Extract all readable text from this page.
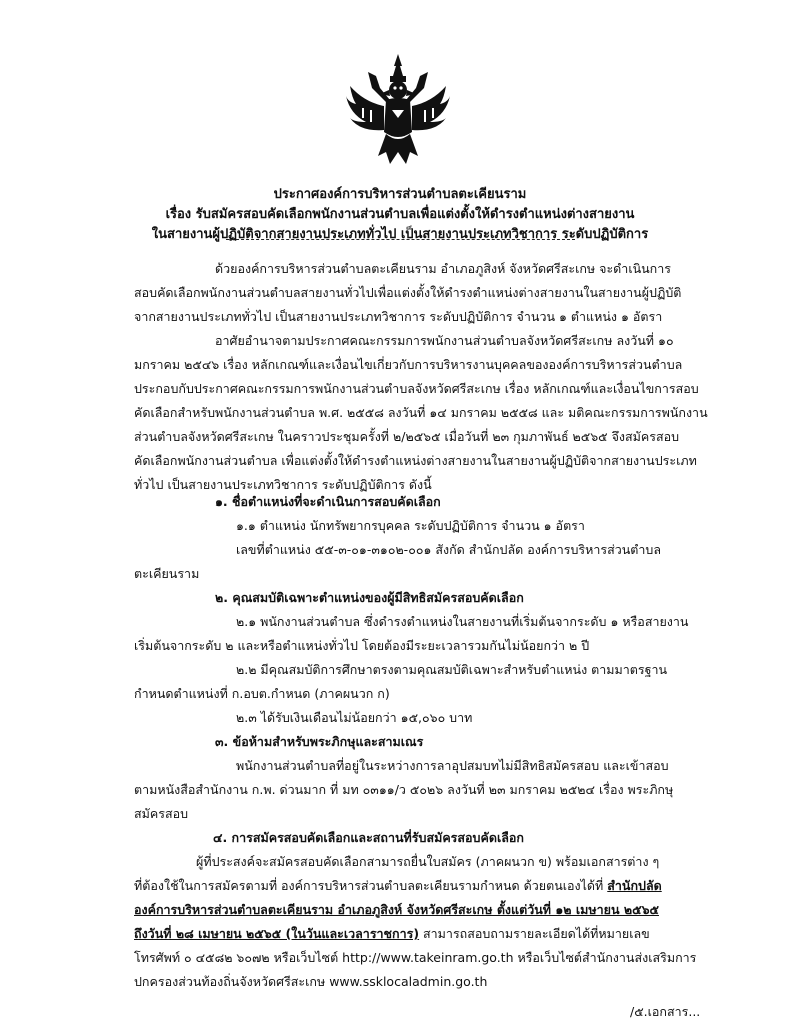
ประกาศองค์การบริหารส่วนตำบลตะเคียนราม
เรื่อง รับสมัครสอบคัดเลือกพนักงานส่วนตำบลเพื่อแต่งตั้งให้ดำรงตำแหน่งต่างสายงาน
ในสายงานผู้ปฏิบัติจากสายงานประเภททั่วไป เป็นสายงานประเภทวิชาการ ระดับปฏิบัติการ
ด้วยองค์การบริหารส่วนตำบลตะเคียนราม อำเภอภูสิงห์ จังหวัดศรีสะเกษ จะดำเนินการ
สอบคัดเลือกพนักงานส่วนตำบลสายงานทั่วไปเพื่อแต่งตั้งให้ดำรงตำแหน่งต่างสายงานในสายงานผู้ปฏิบัติ
จากสายงานประเภททั่วไป เป็นสายงานประเภทวิชาการ ระดับปฏิบัติการ จำนวน ๑ ตำแหน่ง ๑ อัตรา
อาศัยอำนาจตามประกาศคณะกรรมการพนักงานส่วนตำบลจังหวัดศรีสะเกษ ลงวันที่ ๑๐
มกราคม ๒๕๔๖ เรื่อง หลักเกณฑ์และเงื่อนไขเกี่ยวกับการบริหารงานบุคคลขององค์การบริหารส่วนตำบล
ประกอบกับประกาศคณะกรรมการพนักงานส่วนตำบลจังหวัดศรีสะเกษ เรื่อง หลักเกณฑ์และเงื่อนไขการสอบ
คัดเลือกสำหรับพนักงานส่วนตำบล พ.ศ. ๒๕๕๘ ลงวันที่ ๑๔ มกราคม ๒๕๕๘ และ มติคณะกรรมการพนักงาน
ส่วนตำบลจังหวัดศรีสะเกษ ในคราวประชุมครั้งที่ ๒/๒๕๖๕ เมื่อวันที่ ๒๓ กุมภาพันธ์ ๒๕๖๕ จึงสมัครสอบ
คัดเลือกพนักงานส่วนตำบล เพื่อแต่งตั้งให้ดำรงตำแหน่งต่างสายงานในสายงานผู้ปฏิบัติจากสายงานประเภท
ทั่วไป เป็นสายงานประเภทวิชาการ ระดับปฏิบัติการ ดังนี้
๑. ชื่อตำแหน่งที่จะดำเนินการสอบคัดเลือก
๑.๑ ตำแหน่ง นักทรัพยากรบุคคล ระดับปฏิบัติการ จำนวน ๑ อัตรา
เลขที่ตำแหน่ง ๕๕-๓-๐๑-๓๑๐๒-๐๐๑ สังกัด สำนักปลัด องค์การบริหารส่วนตำบล
ตะเคียนราม
๒. คุณสมบัติเฉพาะตำแหน่งของผู้มีสิทธิสมัครสอบคัดเลือก
๒.๑ พนักงานส่วนตำบล ซึ่งดำรงตำแหน่งในสายงานที่เริ่มต้นจากระดับ ๑ หรือสายงาน
เริ่มต้นจากระดับ ๒ และหรือตำแหน่งทั่วไป โดยต้องมีระยะเวลารวมกันไม่น้อยกว่า ๒ ปี
๒.๒ มีคุณสมบัติการศึกษาตรงตามคุณสมบัติเฉพาะสำหรับตำแหน่ง ตามมาตรฐาน
กำหนดตำแหน่งที่ ก.อบต.กำหนด (ภาคผนวก ก)
๒.๓ ได้รับเงินเดือนไม่น้อยกว่า ๑๕,๐๖๐ บาท
๓. ข้อห้ามสำหรับพระภิกษุและสามเณร
พนักงานส่วนตำบลที่อยู่ในระหว่างการลาอุปสมบทไม่มีสิทธิสมัครสอบ และเข้าสอบ
ตามหนังสือสำนักงาน ก.พ. ด่วนมาก ที่ มท ๐๓๑๑/ว ๕๐๒๖ ลงวันที่ ๒๓ มกราคม ๒๕๒๔ เรื่อง พระภิกษุ
สมัครสอบ
๔. การสมัครสอบคัดเลือกและสถานที่รับสมัครสอบคัดเลือก
ผู้ที่ประสงค์จะสมัครสอบคัดเลือกสามารถยื่นใบสมัคร (ภาคผนวก ข) พร้อมเอกสารต่าง ๆ
ที่ต้องใช้ในการสมัครตามที่ องค์การบริหารส่วนตำบลตะเคียนรามกำหนด ด้วยตนเองได้ที่ สำนักปลัด
องค์การบริหารส่วนตำบลตะเคียนราม อำเภอภูสิงห์ จังหวัดศรีสะเกษ ตั้งแต่วันที่ ๑๒ เมษายน ๒๕๖๕
ถึงวันที่ ๒๘ เมษายน ๒๕๖๕ (ในวันและเวลาราชการ) สามารถสอบถามรายละเอียดได้ที่หมายเลข
โทรศัพท์ ๐ ๔๕๘๒ ๖๐๗๒ หรือเว็บไซต์ http://www.takeinram.go.th หรือเว็บไซต์สำนักงานส่งเสริมการ
ปกครองส่วนท้องถิ่นจังหวัดศรีสะเกษ www.ssklocaladmin.go.th
/๕.เอกสาร...
